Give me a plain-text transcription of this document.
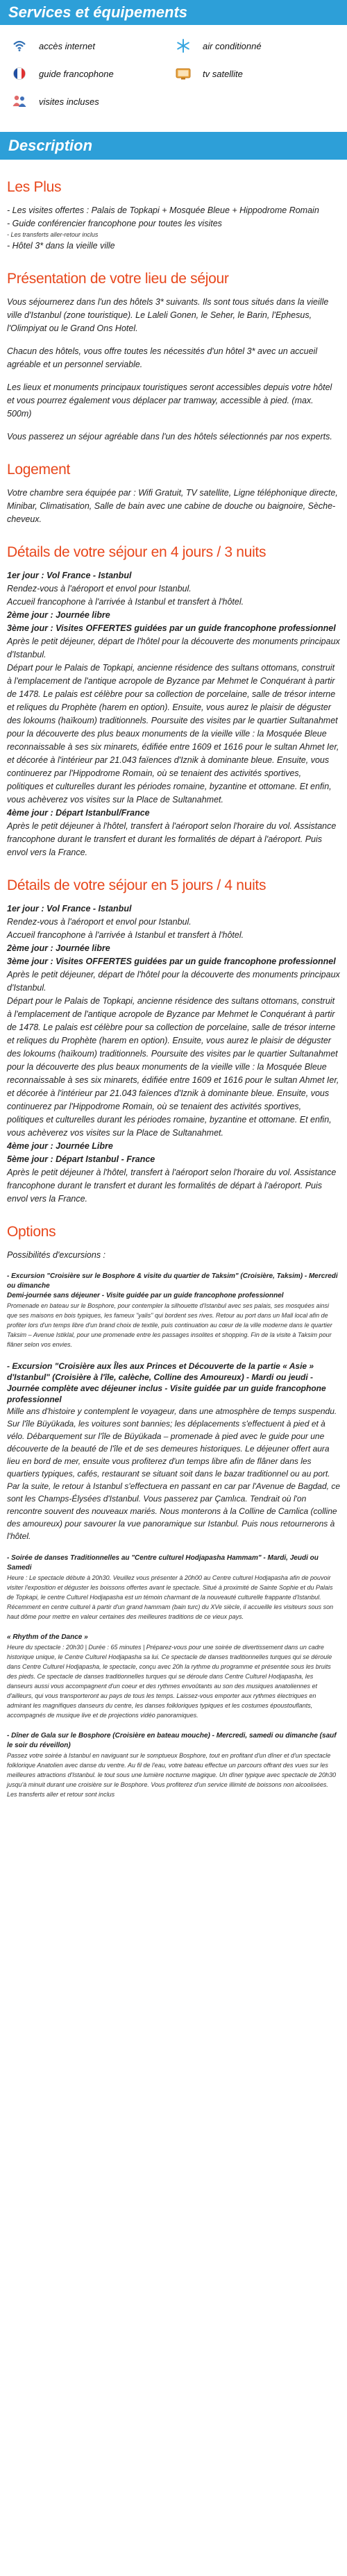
Services et équipements
accès internet	air conditionné
guide francophone	tv satellite
visites incluses
Description
Les Plus

- Les visites offertes : Palais de Topkapi + Mosquée Bleue + Hippodrome Romain

- Guide conférencier francophone pour toutes les visites

- Les transferts aller-retour inclus

- Hôtel 3* dans la vieille ville

Présentation de votre lieu de séjour

Vous séjournerez dans l'un des hôtels 3* suivants. Ils sont tous situés dans la vieille ville d'Istanbul (zone touristique). Le Laleli Gonen, le Seher, le Barin, l'Ephesus, l'Olimpiyat ou le Grand Ons Hotel.

Chacun des hôtels, vous offre toutes les nécessités d'un hôtel 3* avec un accueil agréable et un personnel serviable.

Les lieux et monuments principaux touristiques seront accessibles depuis votre hôtel et vous pourrez également vous déplacer par tramway, accessible à pied. (max. 500m)

Vous passerez un séjour agréable dans l'un des hôtels sélectionnés par nos experts.

Logement

Votre chambre sera équipée par : Wifi Gratuit, TV satellite, Ligne téléphonique directe, Minibar, Climatisation, Salle de bain avec une cabine de douche ou baignoire, Sèche-cheveux.

Détails de votre séjour en 4 jours / 3 nuits

1er jour : Vol France - Istanbul
Rendez-vous à l'aéroport et envol pour Istanbul.
Accueil francophone à l'arrivée à Istanbul et transfert à l'hôtel.
2ème jour : Journée libre
3ème jour : Visites OFFERTES guidées par un guide francophone professionnel
Après le petit déjeuner, départ de l'hôtel pour la découverte des monuments principaux d'Istanbul.
Départ pour le Palais de Topkapi, ancienne résidence des sultans ottomans, construit à l'emplacement de l'antique acropole de Byzance par Mehmet le Conquérant à partir de 1478. Le palais est célèbre pour sa collection de porcelaine, salle de trésor interne et reliques du Prophète (harem en option). Ensuite, vous aurez le plaisir de déguster des lokoums (haïkoum) traditionnels. Poursuite des visites par le quartier Sultanahmet pour la découverte des plus beaux monuments de la vieille ville : la Mosquée Bleue reconnaissable à ses six minarets, édifiée entre 1609 et 1616 pour le sultan Ahmet Ier, et décorée à l'intérieur par 21.043 faïences d'Iznik à dominante bleue. Ensuite, vous continuerez par l'Hippodrome Romain, où se tenaient des activités sportives, politiques et culturelles durant les périodes romaine, byzantine et ottomane. Et enfin, vous achèverez vos visites sur la Place de Sultanahmet.
4ème jour : Départ Istanbul/France
Après le petit déjeuner à l'hôtel, transfert à l'aéroport selon l'horaire du vol. Assistance francophone durant le transfert et durant les formalités de départ à l'aéroport. Puis envol vers la France.

Détails de votre séjour en 5 jours / 4 nuits

1er jour : Vol France - Istanbul
Rendez-vous à l'aéroport et envol pour Istanbul.
Accueil francophone à l'arrivée à Istanbul et transfert à l'hôtel.
2ème jour : Journée libre
3ème jour : Visites OFFERTES guidées par un guide francophone professionnel
Après le petit déjeuner, départ de l'hôtel pour la découverte des monuments principaux d'Istanbul.
Départ pour le Palais de Topkapi, ancienne résidence des sultans ottomans, construit à l'emplacement de l'antique acropole de Byzance par Mehmet le Conquérant à partir de 1478. Le palais est célèbre pour sa collection de porcelaine, salle de trésor interne et reliques du Prophète (harem en option). Ensuite, vous aurez le plaisir de déguster des lokoums (haïkoum) traditionnels. Poursuite des visites par le quartier Sultanahmet pour la découverte des plus beaux monuments de la vieille ville : la Mosquée Bleue reconnaissable à ses six minarets, édifiée entre 1609 et 1616 pour le sultan Ahmet Ier, et décorée à l'intérieur par 21.043 faïences d'Iznik à dominante bleue. Ensuite, vous continuerez par l'Hippodrome Romain, où se tenaient des activités sportives, politiques et culturelles durant les périodes romaine, byzantine et ottomane. Et enfin, vous achèverez vos visites sur la Place de Sultanahmet.
4ème jour : Journée Libre
5ème jour : Départ Istanbul - France
Après le petit déjeuner à l'hôtel, transfert à l'aéroport selon l'horaire du vol. Assistance francophone durant le transfert et durant les formalités de départ à l'aéroport. Puis envol vers la France.

Options

Possibilités d'excursions :

- Excursion "Croisière sur le Bosphore & visite du quartier de Taksim" (Croisière, Taksim) - Mercredi ou dimanche
Demi-journée sans déjeuner - Visite guidée par un guide francophone professionnel
Promenade en bateau sur le Bosphore, pour contempler la silhouette d'Istanbul avec ses palais, ses mosquées ainsi que ses maisons en bois typiques, les fameux "yalis" qui bordent ses rives. Retour au port dans un Mall local afin de profiter lors d'un temps libre d'un brand choix de textile, puis continuation au cœur de la ville moderne dans le quartier Taksim – Avenue Istiklal, pour une promenade entre les passages insolites et shopping. Fin de la visite à Taksim pour flâner selon vos envies.
- Excursion "Croisière aux Îles aux Princes et Découverte de la partie « Asie » d'Istanbul" (Croisière à l'île, calèche, Colline des Amoureux) - Mardi ou jeudi - Journée complète avec déjeuner inclus - Visite guidée par un guide francophone professionnel
Mille ans d'histoire y contemplent le voyageur, dans une atmosphère de temps suspendu. Sur l'île Büyükada, les voitures sont bannies; les déplacements s'effectuent à pied et à vélo. Débarquement sur l'île de Büyükada – promenade à pied avec le guide pour une découverte de la beauté de l'île et de ses demeures historiques. Le déjeuner offert aura lieu en bord de mer, ensuite vous profiterez d'un temps libre afin de flâner dans les quartiers typiques, cafés, restaurant se situant soit dans le bazar traditionnel ou au port. Par la suite, le retour à Istanbul s'effectuera en passant en car par l'Avenue de Bagdad, ce sont les Champs-Élysées d'Istanbul. Vous passerez par Çamlıca. Tendrait où l'on rencontre souvent des nouveaux mariés. Nous monterons à la Colline de Camlica (colline des amoureux) pour savourer la vue panoramique sur Istanbul. Puis nous retournerons à l'hôtel.
- Soirée de danses Traditionnelles au "Centre culturel Hodjapasha Hammam" - Mardi, Jeudi ou Samedi
Heure : Le spectacle débute à 20h30. Veuillez vous présenter à 20h00 au Centre culturel Hodjapasha afin de pouvoir visiter l'exposition et déguster les boissons offertes avant le spectacle. Situé à proximité de Sainte Sophie et du Palais de Topkapi, le centre Culturel Hodjapasha est un témoin charmant de la nouveauté culturelle frappante d'Istanbul. Récemment en centre culturel à partir d'un grand hammam (bain turc) du XVe siècle, il accueille les visiteurs sous son haut dôme pour mettre en valeur certaines des meilleures traditions de ce vieux pays.
« Rhythm of the Dance »
Heure du spectacle : 20h30 | Durée : 65 minutes | Préparez-vous pour une soirée de divertissement dans un cadre historique unique, le Centre Culturel Hodjapasha sa lui. Ce spectacle de danses traditionnelles turques qui se déroule dans Centre Culturel Hodjapasha, le spectacle, conçu avec 20h la rythme du programme et présentée sous les bruits des pieds. Ce spectacle de danses traditionnelles turques qui se déroule dans Centre Culturel Hodjapasha, les danseurs aussi vous accompagnent d'un coeur et des rythmes envoûtants au son des musiques anatoliennes et d'ailleurs, qui vous transporteront au pays de tous les temps. Laissez-vous emporter aux rythmes électriques en admirant les magnifiques danseurs du centre, les danses folkloriques typiques et les costumes époustouflants, accompagnés de musique live et de projections vidéo panoramiques.
- Dîner de Gala sur le Bosphore (Croisière en bateau mouche) - Mercredi, samedi ou dimanche (sauf le soir du réveillon)
Passez votre soirée à Istanbul en naviguant sur le somptueux Bosphore, tout en profitant d'un dîner et d'un spectacle folklorique Anatolien avec danse du ventre. Au fil de l'eau, votre bateau effectue un parcours offrant des vues sur les meilleures attractions d'Istanbul. le tout sous une lumière nocturne magique. Un dîner typique avec spectacle de 20h30 jusqu'à minuit durant une croisière sur le Bosphore. Vous profiterez d'un service illimité de boissons non alcoolisées.
Les transferts aller et retour sont inclus
